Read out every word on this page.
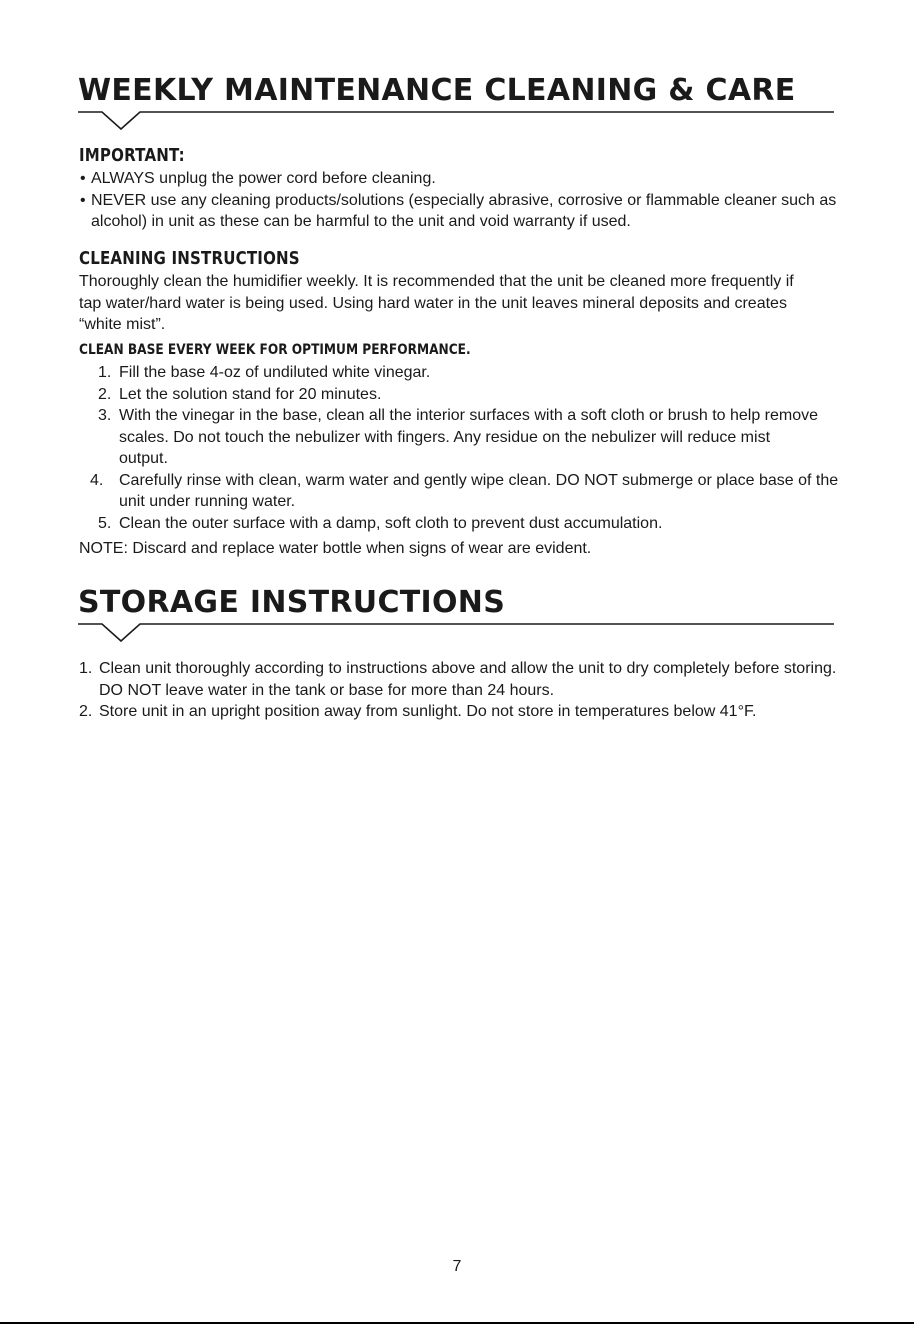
WEEKLY MAINTENANCE CLEANING & CARE
IMPORTANT:
• ALWAYS unplug the power cord before cleaning.
• NEVER use any cleaning products/solutions (especially abrasive, corrosive or flammable cleaner such as alcohol) in unit as these can be harmful to the unit and void warranty if used.
CLEANING INSTRUCTIONS
Thoroughly clean the humidifier weekly. It is recommended that the unit be cleaned more frequently if tap water/hard water is being used. Using hard water in the unit leaves mineral deposits and creates “white mist”.
CLEAN BASE EVERY WEEK FOR OPTIMUM PERFORMANCE.
1. Fill the base 4-oz of undiluted white vinegar.
2. Let the solution stand for 20 minutes.
3. With the vinegar in the base, clean all the interior surfaces with a soft cloth or brush to help remove scales. Do not touch the nebulizer with fingers. Any residue on the nebulizer will reduce mist output.
4. Carefully rinse with clean, warm water and gently wipe clean. DO NOT submerge or place base of the unit under running water.
5. Clean the outer surface with a damp, soft cloth to prevent dust accumulation.
NOTE: Discard and replace water bottle when signs of wear are evident.
STORAGE INSTRUCTIONS
1. Clean unit thoroughly according to instructions above and allow the unit to dry completely before storing. DO NOT leave water in the tank or base for more than 24 hours.
2. Store unit in an upright position away from sunlight. Do not store in temperatures below 41°F.
7
